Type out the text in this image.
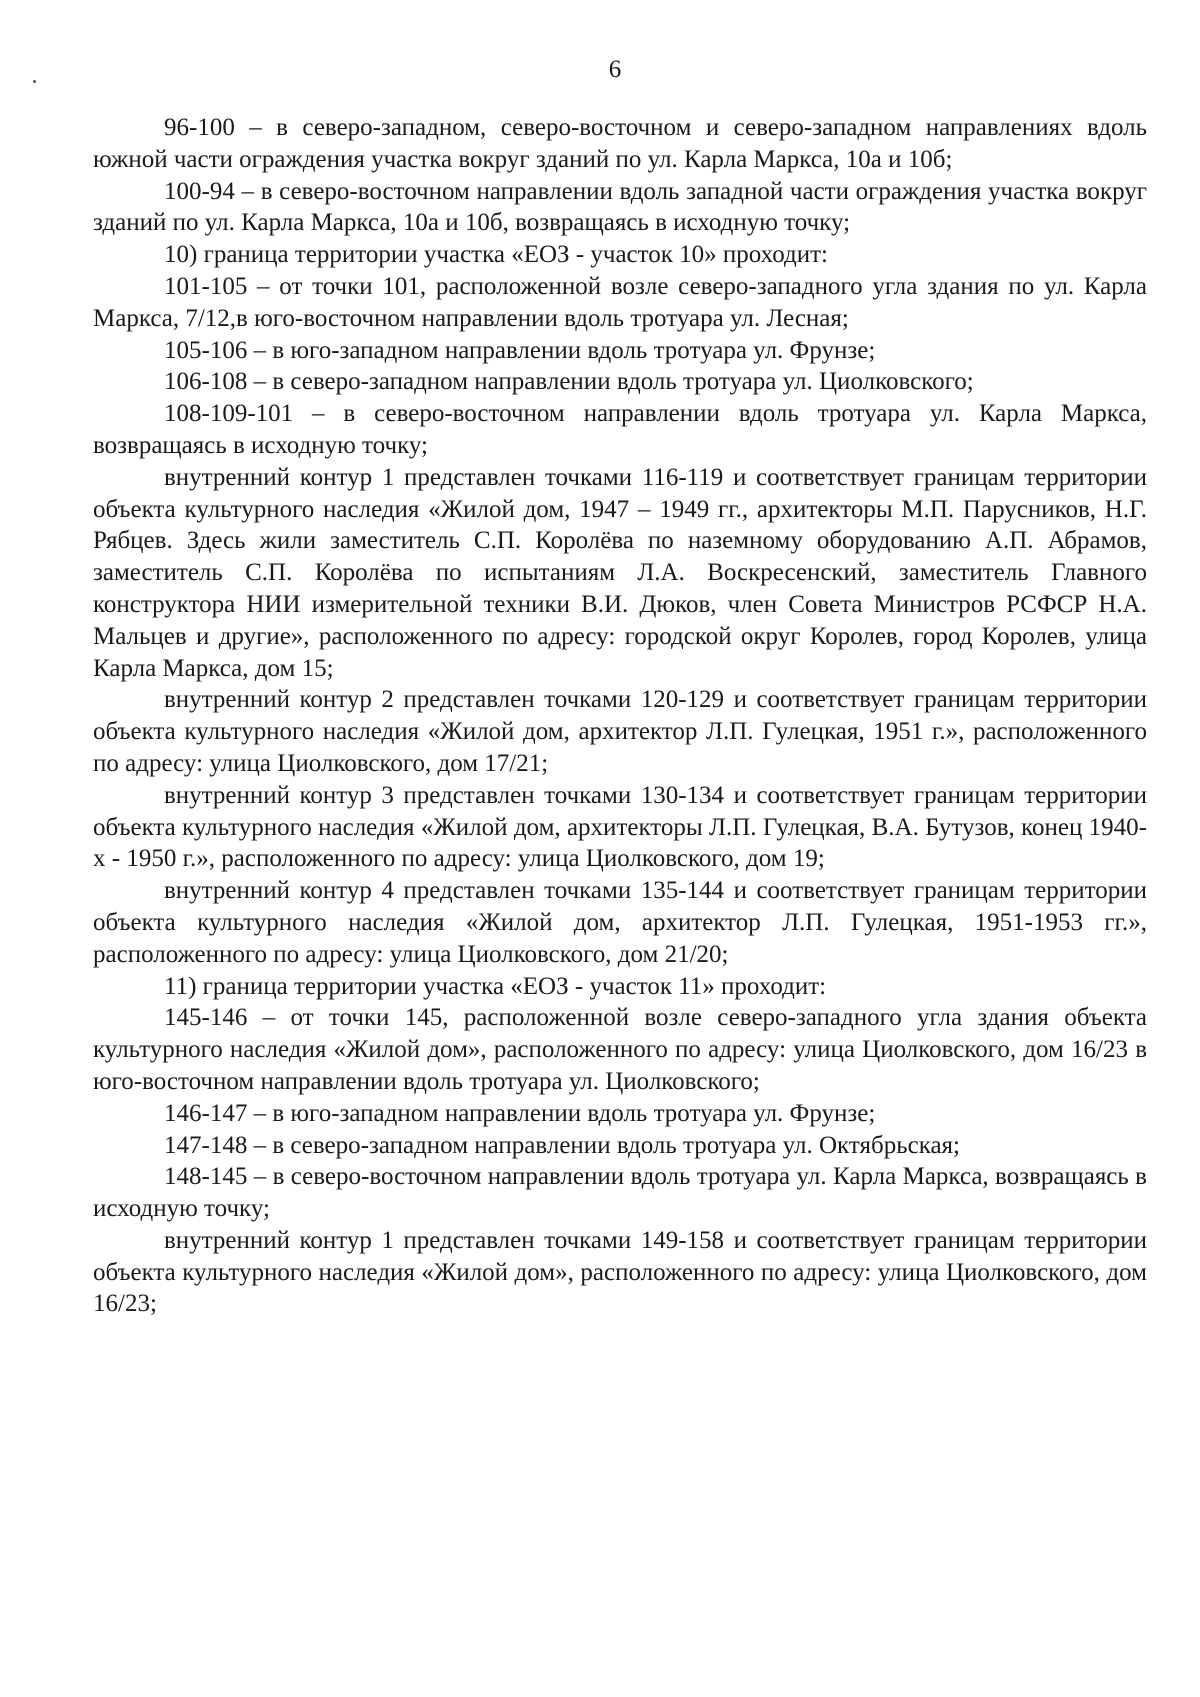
6

96-100 – в северо-западном, северо-восточном и северо-западном направлениях вдоль южной части ограждения участка вокруг зданий по ул. Карла Маркса, 10а и 10б;

100-94 – в северо-восточном направлении вдоль западной части ограждения участка вокруг зданий по ул. Карла Маркса, 10а и 10б, возвращаясь в исходную точку;

10) граница территории участка «ЕОЗ - участок 10» проходит:

101-105 – от точки 101, расположенной возле северо-западного угла здания по ул. Карла Маркса, 7/12,в юго-восточном направлении вдоль тротуара ул. Лесная;

105-106 – в юго-западном направлении вдоль тротуара ул. Фрунзе;

106-108 – в северо-западном направлении вдоль тротуара ул. Циолковского;

108-109-101 – в северо-восточном направлении вдоль тротуара ул. Карла Маркса, возвращаясь в исходную точку;

внутренний контур 1 представлен точками 116-119 и соответствует границам территории объекта культурного наследия «Жилой дом, 1947 – 1949 гг., архитекторы М.П. Парусников, Н.Г. Рябцев. Здесь жили заместитель С.П. Королёва по наземному оборудованию А.П. Абрамов, заместитель С.П. Королёва по испытаниям Л.А. Воскресенский, заместитель Главного конструктора НИИ измерительной техники В.И. Дюков, член Совета Министров РСФСР Н.А. Мальцев и другие», расположенного по адресу: городской округ Королев, город Королев, улица Карла Маркса, дом 15;

внутренний контур 2 представлен точками 120-129 и соответствует границам территории объекта культурного наследия «Жилой дом, архитектор Л.П. Гулецкая, 1951 г.», расположенного по адресу: улица Циолковского, дом 17/21;

внутренний контур 3 представлен точками 130-134 и соответствует границам территории объекта культурного наследия «Жилой дом, архитекторы Л.П. Гулецкая, В.А. Бутузов, конец 1940-х - 1950 г.», расположенного по адресу: улица Циолковского, дом 19;

внутренний контур 4 представлен точками 135-144 и соответствует границам территории объекта культурного наследия «Жилой дом, архитектор Л.П. Гулецкая, 1951-1953 гг.», расположенного по адресу: улица Циолковского, дом 21/20;

11) граница территории участка «ЕОЗ - участок 11» проходит:

145-146 – от точки 145, расположенной возле северо-западного угла здания объекта культурного наследия «Жилой дом», расположенного по адресу: улица Циолковского, дом 16/23 в юго-восточном направлении вдоль тротуара ул. Циолковского;

146-147 – в юго-западном направлении вдоль тротуара ул. Фрунзе;

147-148 – в северо-западном направлении вдоль тротуара ул. Октябрьская;

148-145 – в северо-восточном направлении вдоль тротуара ул. Карла Маркса, возвращаясь в исходную точку;

внутренний контур 1 представлен точками 149-158 и соответствует границам территории объекта культурного наследия «Жилой дом», расположенного по адресу: улица Циолковского, дом 16/23;
